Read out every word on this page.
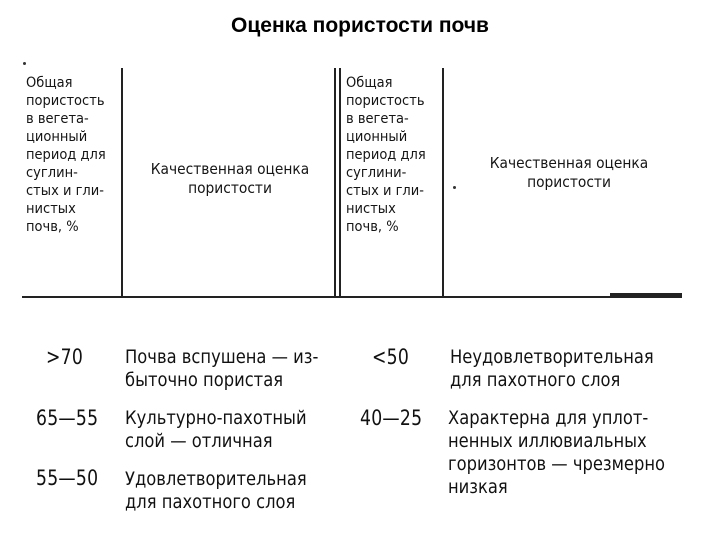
Оценка пористости почв
Общая
пористость
в вегета-
ционный
период для
суглин-
стых и гли-
нистых
почв, %
Качественная оценка
пористости
Общая
пористость
в вегета-
ционный
период для
суглини-
стых и гли-
нистых
почв, %
Качественная оценка
пористости
>70 Почва вспушена — из-
быточно пористая
<50 Неудовлетворительная
для пахотного слоя
65—55 Культурно-пахотный
слой — отличная
40—25 Характерна для уплот-
ненных иллювиальных
горизонтов — чрезмерно
низкая
55—50 Удовлетворительная
для пахотного слоя
